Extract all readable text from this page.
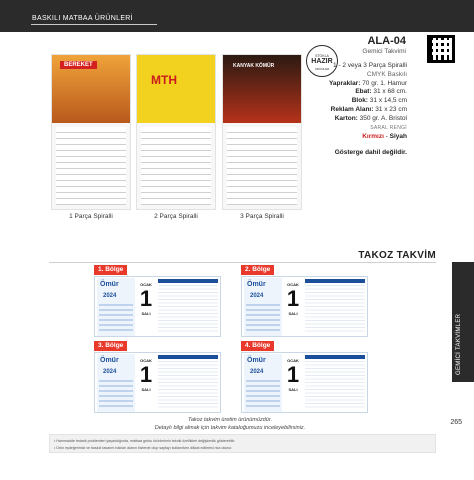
BASKILI MATBAA ÜRÜNLERİ
GEMİCİ TAKVİMLER
BEREKET
1 Parça Spiralli
MTH
2 Parça Spiralli
KANYAK KÖMÜR
3 Parça Spiralli
STOKLA
HAZIR
ÜRÜNLER
ALA-04
Gemici Takvimi
1 - 2 veya 3 Parça Spiralli
CMYK Baskılı
Yapraklar: 70 gr. 1. Hamur
Ebat: 31 x 68 cm.
Blok: 31 x 14,5 cm
Reklam Alanı: 31 x 23 cm
Karton: 350 gr. A. Bristol
SARAL RENGİ
Kırmızı - Siyah
Gösterge dahil değildir.
TAKOZ TAKVİM
1. Bölge
Ömür
2024
OCAK
1
SALI
2. Bölge
Ömür
2024
OCAK
1
SALI
3. Bölge
Ömür
2024
OCAK
1
SALI
4. Bölge
Ömür
2024
OCAK
1
SALI
Takoz takvim üretim ürünümüzdür.
Detaylı bilgi almak için takvim kataloğumuzu inceleyebilirsiniz.
• Hammadde tedarik problemleri yaşandığında, matbaa grubu ürünlerimin teknik özellikleri değişkenlik gösterebilir.
• Ürün eşdeğerimizi ve baskılı tasarım hakları alanın bizlerde olup sayfayı kullanırken dikkat edilmesi rica olunur.
265
